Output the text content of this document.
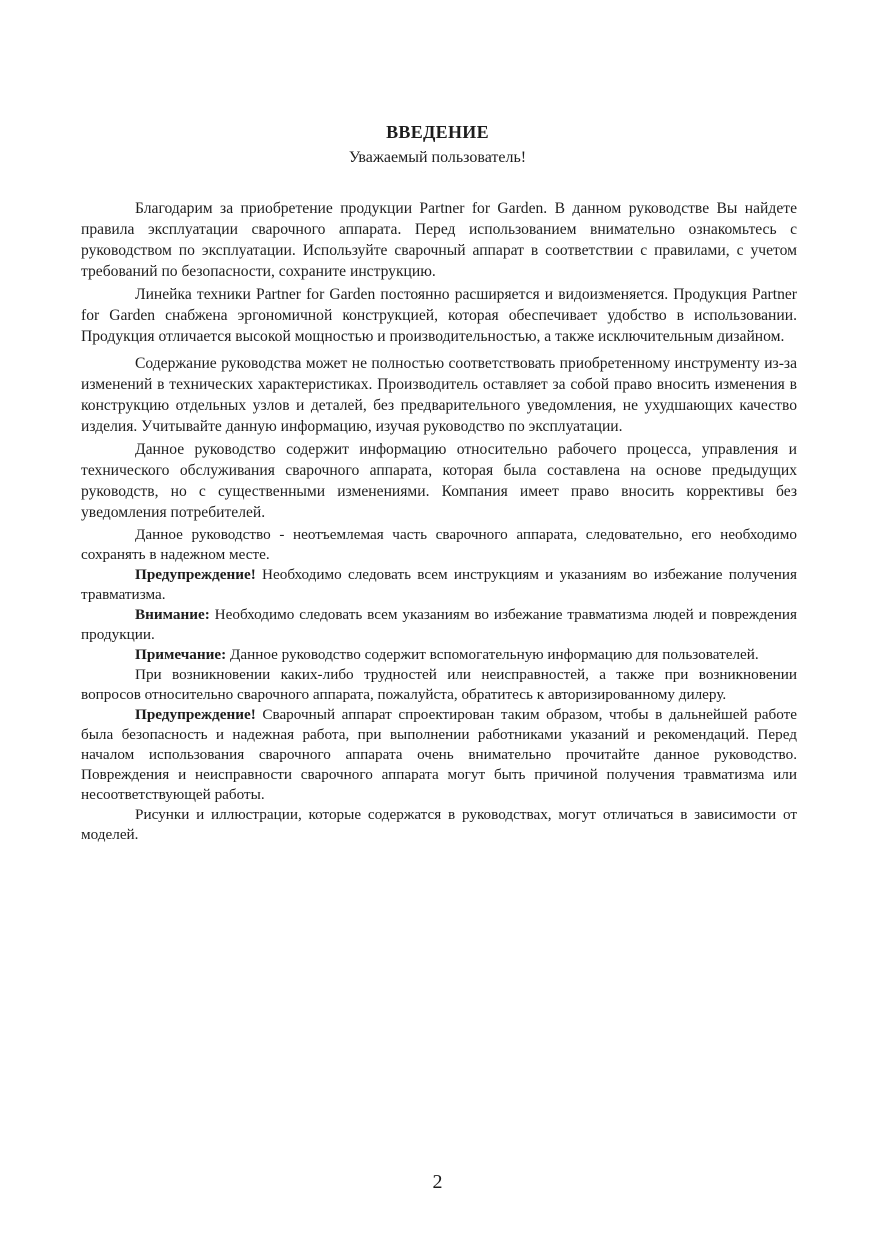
ВВЕДЕНИЕ
Уважаемый пользователь!

Благодарим за приобретение продукции Partner for Garden. В данном руководстве Вы найдете правила эксплуатации сварочного аппарата. Перед использованием внимательно ознакомьтесь с руководством по эксплуатации. Используйте сварочный аппарат в соответствии с правилами, с учетом требований по безопасности, сохраните инструкцию.

Линейка техники Partner for Garden постоянно расширяется и видоизменяется. Продукция Partner for Garden снабжена эргономичной конструкцией, которая обеспечивает удобство в использовании. Продукция отличается высокой мощностью и производительностью, а также исключительным дизайном.

Содержание руководства может не полностью соответствовать приобретенному инструменту из-за изменений в технических характеристиках. Производитель оставляет за собой право вносить изменения в конструкцию отдельных узлов и деталей, без предварительного уведомления, не ухудшающих качество изделия. Учитывайте данную информацию, изучая руководство по эксплуатации.

Данное руководство содержит информацию относительно рабочего процесса, управления и технического обслуживания сварочного аппарата, которая была составлена на основе предыдущих руководств, но с существенными изменениями. Компания имеет право вносить коррективы без уведомления потребителей.

Данное руководство - неотъемлемая часть сварочного аппарата, следовательно, его необходимо сохранять в надежном месте.

Предупреждение! Необходимо следовать всем инструкциям и указаниям во избежание получения травматизма.

Внимание: Необходимо следовать всем указаниям во избежание травматизма людей и повреждения продукции.

Примечание: Данное руководство содержит вспомогательную информацию для пользователей.

При возникновении каких-либо трудностей или неисправностей, а также при возникновении вопросов относительно сварочного аппарата, пожалуйста, обратитесь к авторизированному дилеру.

Предупреждение! Сварочный аппарат спроектирован таким образом, чтобы в дальнейшей работе была безопасность и надежная работа, при выполнении работниками указаний и рекомендаций. Перед началом использования сварочного аппарата очень внимательно прочитайте данное руководство. Повреждения и неисправности сварочного аппарата могут быть причиной получения травматизма или несоответствующей работы.

Рисунки и иллюстрации, которые содержатся в руководствах, могут отличаться в зависимости от моделей.

2
